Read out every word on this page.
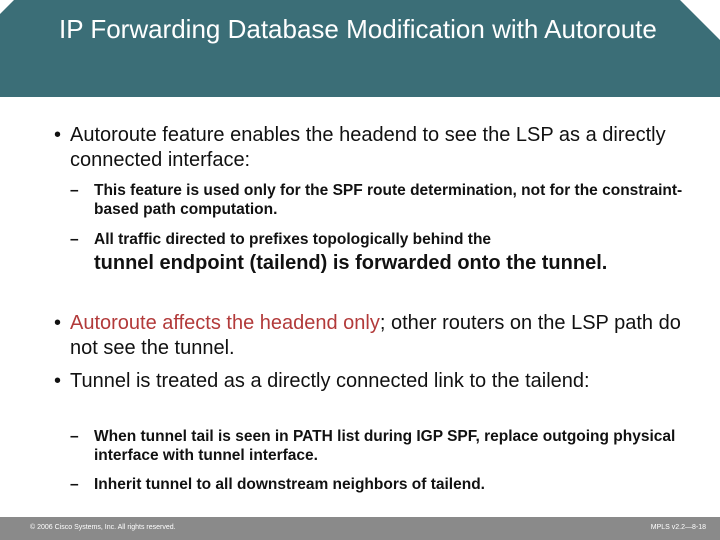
IP Forwarding Database Modification with Autoroute
• Autoroute feature enables the headend to see the LSP as a directly connected interface:
– This feature is used only for the SPF route determination, not for the constraint-based path computation.
– All traffic directed to prefixes topologically behind the
tunnel endpoint (tailend) is forwarded onto the tunnel.
• Autoroute affects the headend only; other routers on the LSP path do not see the tunnel.
• Tunnel is treated as a directly connected link to the tailend:
– When tunnel tail is seen in PATH list during IGP SPF, replace outgoing physical interface with tunnel interface.
– Inherit tunnel to all downstream neighbors of tailend.
© 2006 Cisco Systems, Inc. All rights reserved.	MPLS v2.2—8-18
